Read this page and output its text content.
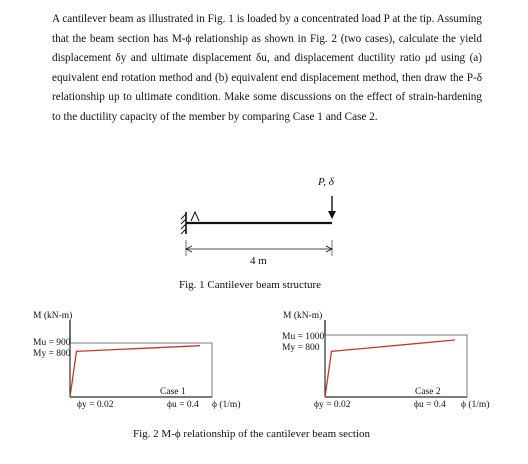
A cantilever beam as illustrated in Fig. 1 is loaded by a concentrated load P at the tip. Assuming that the beam section has M-ϕ relationship as shown in Fig. 2 (two cases), calculate the yield displacement δy and ultimate displacement δu, and displacement ductility ratio μd using (a) equivalent end rotation method and (b) equivalent end displacement method, then draw the P-δ relationship up to ultimate condition. Make some discussions on the effect of strain-hardening to the ductility capacity of the member by comparing Case 1 and Case 2.

P, δ
4 m
Fig. 1 Cantilever beam structure
M (kN-m)
Mu = 900
My = 800
Case 1
ϕy = 0.02	ϕu = 0.4 ϕ (1/m)
M (kN-m)
Mu = 1000
My = 800
Case 2
ϕy = 0.02	ϕu = 0.4 ϕ (1/m)
Fig. 2 M-ϕ relationship of the cantilever beam section
